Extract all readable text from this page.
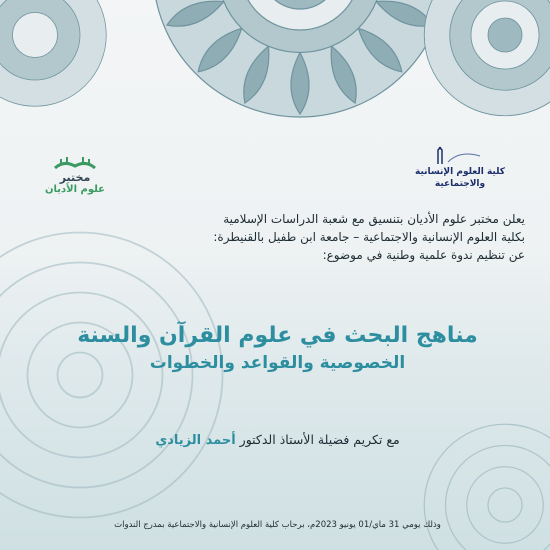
مختبر
علوم الأديان
كلية العلوم الإنسانية والاجتماعية
يعلن مختبر علوم الأديان بتنسيق مع شعبة الدراسات الإسلامية
بكلية العلوم الإنسانية والاجتماعية – جامعة ابن طفيل بالقنيطرة:
عن تنظيم ندوة علمية وطنية في موضوع:
مناهج البحث في علوم القرآن والسنة
الخصوصية والقواعد والخطوات
مع تكريم فضيلة الأستاذ الدكتور أحمد الزيادي
وذلك يومي 31 ماي/01 يونيو 2023م، برحاب كلية العلوم الإنسانية والاجتماعية بمدرج الندوات
